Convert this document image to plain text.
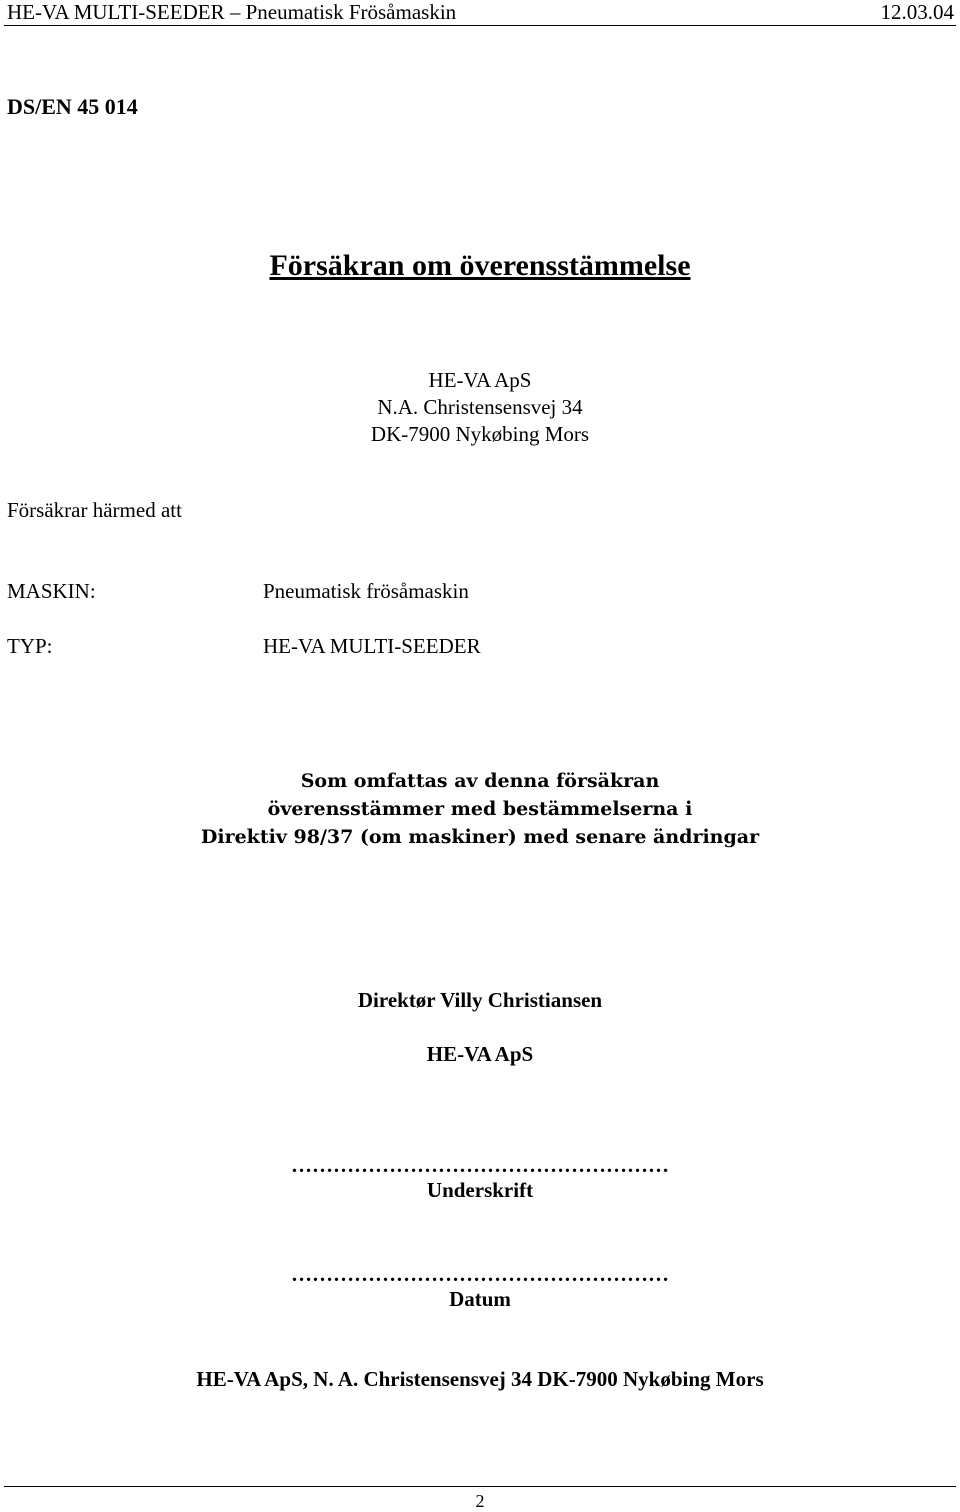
HE-VA MULTI-SEEDER – Pneumatisk Frösåmaskin	12.03.04
DS/EN 45 014
Försäkran om överensstämmelse
HE-VA ApS
N.A. Christensensvej 34
DK-7900 Nykøbing Mors
Försäkrar härmed att
MASKIN:	Pneumatisk frösåmaskin
TYP:	HE-VA MULTI-SEEDER
Som omfattas av denna försäkran
överensstämmer med bestämmelserna i
Direktiv 98/37 (om maskiner) med senare ändringar
Direktør Villy Christiansen
HE-VA ApS
………………………………………………
Underskrift
………………………………………………
Datum
HE-VA ApS, N. A. Christensensvej 34 DK-7900 Nykøbing Mors
2
